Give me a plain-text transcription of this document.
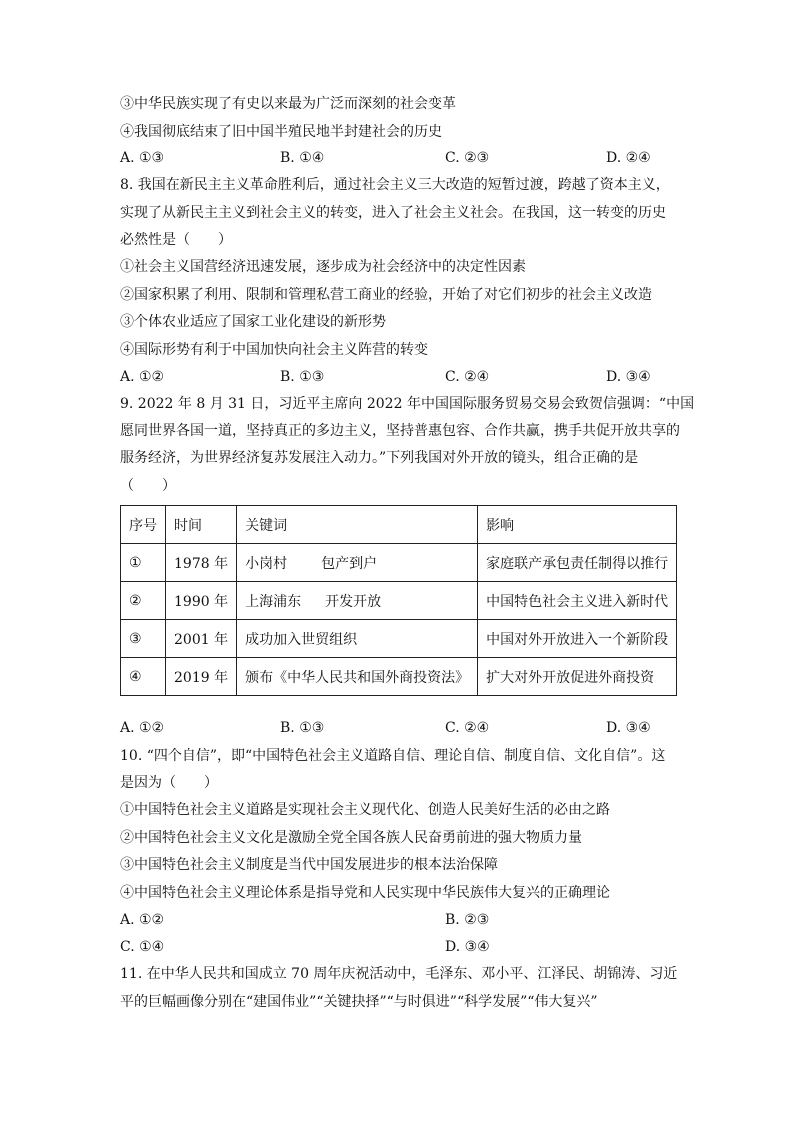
③中华民族实现了有史以来最为广泛而深刻的社会变革
④我国彻底结束了旧中国半殖民地半封建社会的历史
A. ①③	B. ①④	C. ②③	D. ②④
8. 我国在新民主主义革命胜利后，通过社会主义三大改造的短暂过渡，跨越了资本主义，
实现了从新民主主义到社会主义的转变，进入了社会主义社会。在我国，这一转变的历史
必然性是（　　）
①社会主义国营经济迅速发展，逐步成为社会经济中的决定性因素
②国家积累了利用、限制和管理私营工商业的经验，开始了对它们初步的社会主义改造
③个体农业适应了国家工业化建设的新形势
④国际形势有利于中国加快向社会主义阵营的转变
A. ①②	B. ①③	C. ②④	D. ③④
9. 2022 年 8 月 31 日，习近平主席向 2022 年中国国际服务贸易交易会致贺信强调：“中国
愿同世界各国一道，坚持真正的多边主义，坚持普惠包容、合作共赢，携手共促开放共享的
服务经济，为世界经济复苏发展注入动力。”下列我国对外开放的镜头，组合正确的是
（　　）
序号	时间	关键词	影响
①	1978 年	小岗村 包产到户	家庭联产承包责任制得以推行
②	1990 年	上海浦东 开发开放	中国特色社会主义进入新时代
③	2001 年	成功加入世贸组织	中国对外开放进入一个新阶段
④	2019 年	颁布《中华人民共和国外商投资法》	扩大对外开放促进外商投资
A. ①②	B. ①③	C. ②④	D. ③④
10. “四个自信”，即“中国特色社会主义道路自信、理论自信、制度自信、文化自信”。这
是因为（　　）
①中国特色社会主义道路是实现社会主义现代化、创造人民美好生活的必由之路
②中国特色社会主义文化是激励全党全国各族人民奋勇前进的强大物质力量
③中国特色社会主义制度是当代中国发展进步的根本法治保障
④中国特色社会主义理论体系是指导党和人民实现中华民族伟大复兴的正确理论
A. ①②	B. ②③
C. ①④	D. ③④
11. 在中华人民共和国成立 70 周年庆祝活动中，毛泽东、邓小平、江泽民、胡锦涛、习近
平的巨幅画像分别在“建国伟业”“关键抉择”“与时俱进”“科学发展”“伟大复兴”
